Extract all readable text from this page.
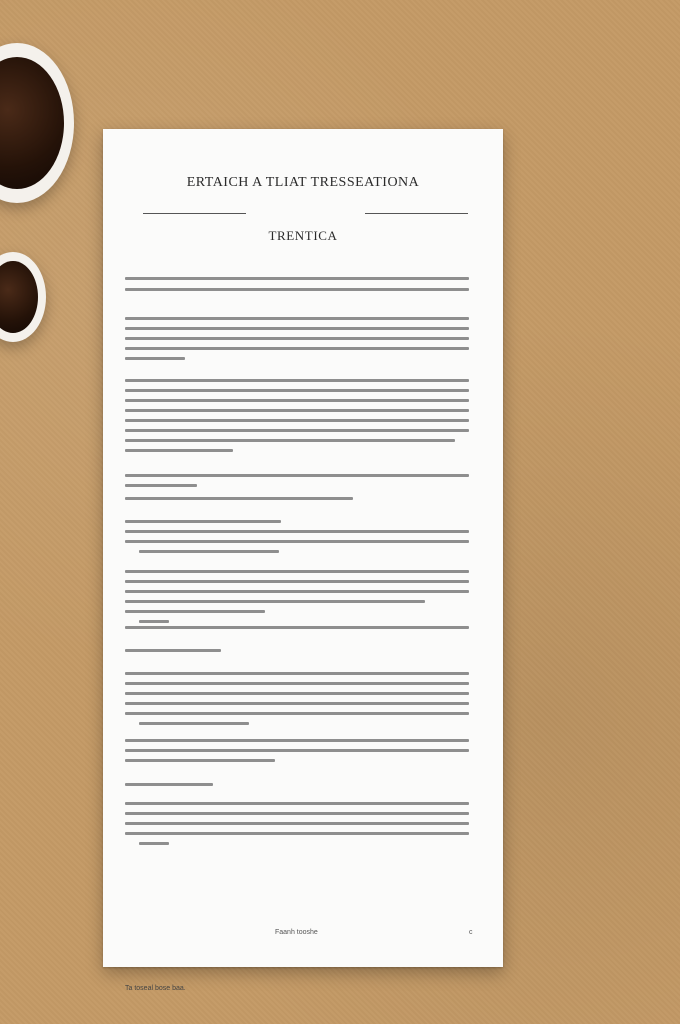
ERTAICH A TLIAT TRESSEATIONA
TRENTICA
Ta toseal bose baa.
Faanh tooshe	c
